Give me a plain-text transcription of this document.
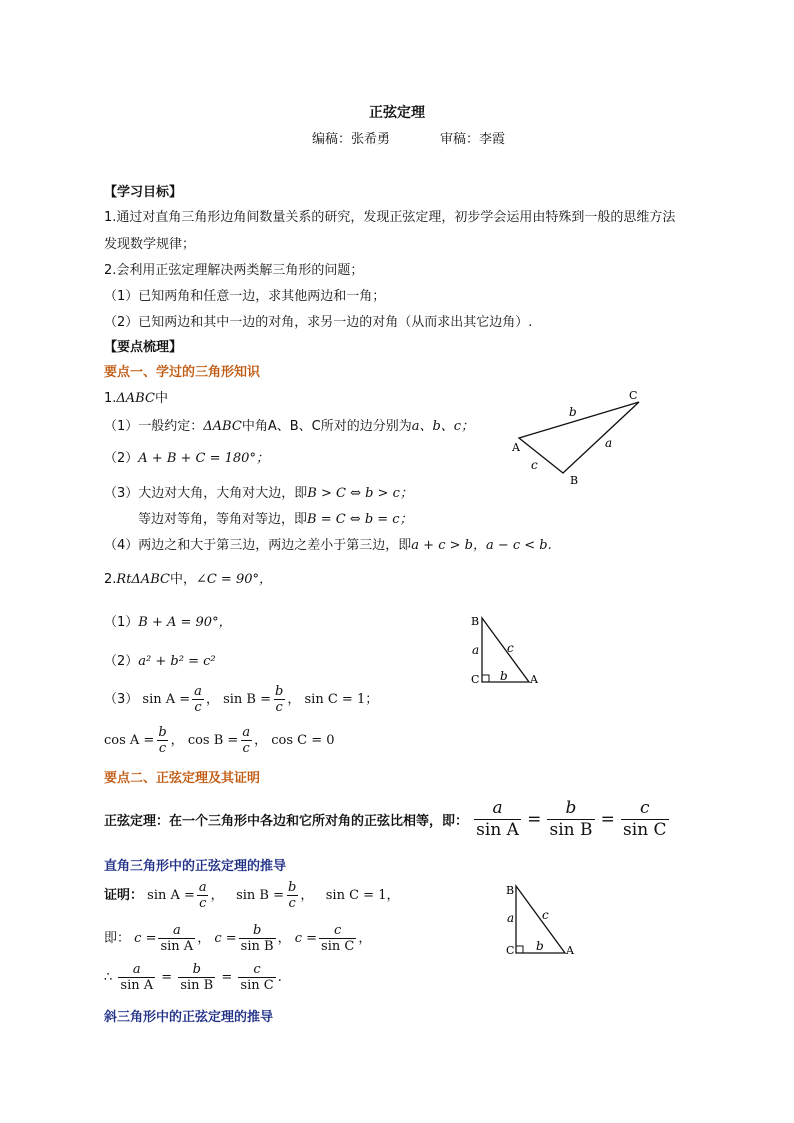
正弦定理
编稿：张希勇	审稿：李霞
【学习目标】
1.通过对直角三角形边角间数量关系的研究，发现正弦定理，初步学会运用由特殊到一般的思维方法
发现数学规律；
2.会利用正弦定理解决两类解三角形的问题；
（1）已知两角和任意一边，求其他两边和一角；
（2）已知两边和其中一边的对角，求另一边的对角（从而求出其它边角）.
【要点梳理】
要点一、学过的三角形知识
1.ΔABC中
（1）一般约定：ΔABC中角A、B、C所对的边分别为a、b、c；
（2）A + B + C = 180°；
（3）大边对大角，大角对大边，即B > C ⇔ b > c；
等边对等角，等角对等边，即B = C ⇔ b = c；
（4）两边之和大于第三边，两边之差小于第三边，即a + c > b，a − c < b.
2.RtΔABC中，∠C = 90°，
（1）B + A = 90°，
（2）a² + b² = c²
（3） $\sin A = \frac{a}{c}$ ， $\sin B = \frac{b}{c}$ ， sin C = 1；
$\cos A = \frac{b}{c}$ ， $\cos B = \frac{a}{c}$ ， cos C = 0
要点二、正弦定理及其证明
正弦定理：在一个三角形中各边和它所对角的正弦比相等，即： $\frac{a}{\text{sin A}} = \frac{b}{\text{sin B}} = \frac{c}{\text{sin C}}$
直角三角形中的正弦定理的推导
证明： $\sin A = \frac{a}{c}$ ， $\sin B = \frac{b}{c}$ ， sin C = 1，
即： $c = \frac{a}{\text{sin A}}$ ， $c = \frac{b}{\text{sin B}}$ ， $c = \frac{c}{\text{sin C}}$ ，
∴ $\frac{a}{\text{sin A}} = \frac{b}{\text{sin B}} = \frac{c}{\text{sin C}}$ .
斜三角形中的正弦定理的推导
A
C
B
b
a
c
B
C	A
a c
b
B
C	A
a c
b
